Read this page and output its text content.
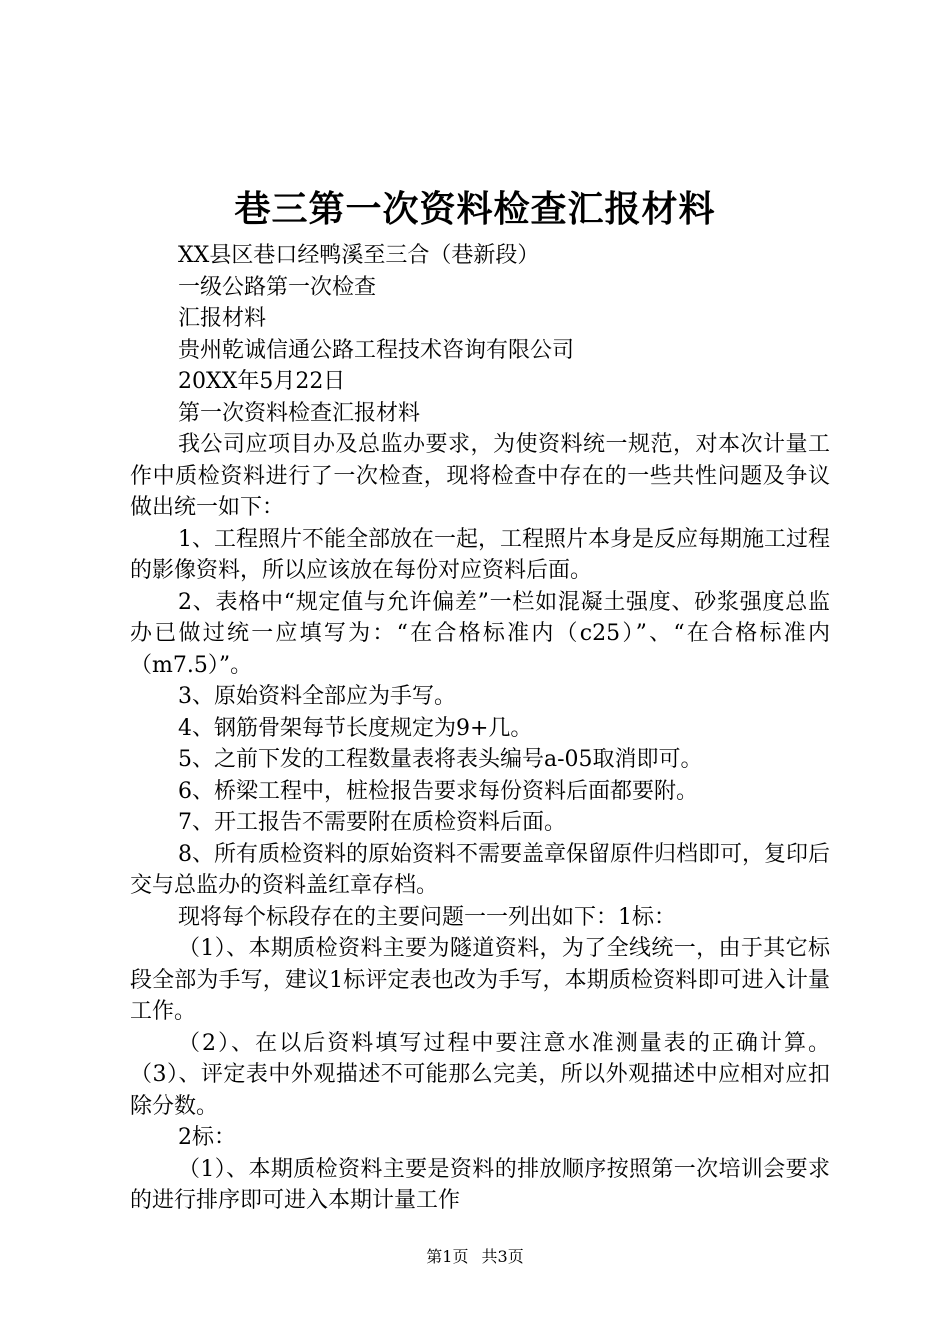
巷三第一次资料检查汇报材料
XX县区巷口经鸭溪至三合（巷新段）
一级公路第一次检查
汇报材料
贵州乾诚信通公路工程技术咨询有限公司
20XX年5月22日
第一次资料检查汇报材料

我公司应项目办及总监办要求，为使资料统一规范，对本次计量工作中质检资料进行了一次检查，现将检查中存在的一些共性问题及争议做出统一如下：

1、工程照片不能全部放在一起，工程照片本身是反应每期施工过程的影像资料，所以应该放在每份对应资料后面。

2、表格中“规定值与允许偏差”一栏如混凝土强度、砂浆强度总监办已做过统一应填写为：“在合格标准内（c25）”、“在合格标准内（m7.5）”。

3、原始资料全部应为手写。

4、钢筋骨架每节长度规定为9+几。

5、之前下发的工程数量表将表头编号a-05取消即可。

6、桥梁工程中，桩检报告要求每份资料后面都要附。

7、开工报告不需要附在质检资料后面。

8、所有质检资料的原始资料不需要盖章保留原件归档即可，复印后交与总监办的资料盖红章存档。

现将每个标段存在的主要问题一一列出如下：1标：

（1）、本期质检资料主要为隧道资料，为了全线统一，由于其它标段全部为手写，建议1标评定表也改为手写，本期质检资料即可进入计量工作。

（2）、在以后资料填写过程中要注意水准测量表的正确计算。（3）、评定表中外观描述不可能那么完美，所以外观描述中应相对应扣除分数。

2标：

（1）、本期质检资料主要是资料的排放顺序按照第一次培训会要求的进行排序即可进入本期计量工作

第1页 共3页
